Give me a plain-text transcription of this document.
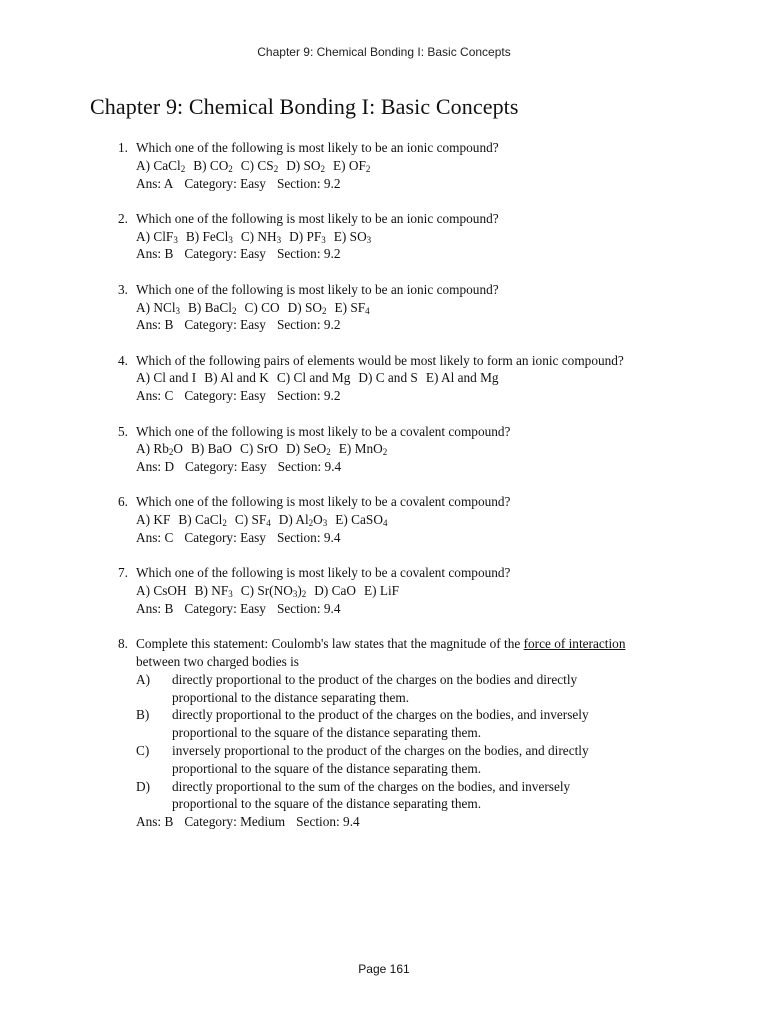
Chapter 9: Chemical Bonding I: Basic Concepts
Chapter 9: Chemical Bonding I: Basic Concepts
1. Which one of the following is most likely to be an ionic compound?
A) CaCl$_2$ B) $CO_2$ C) $CS_2$ D) $SO_2$ E) $OF_2$
Ans: A Category: Easy Section: 9.2
2. Which one of the following is most likely to be an ionic compound?
A) ClF$_3$ B) FeCl$_3$ C) $NH_3$ D) $PF_3$ E) $SO_3$
Ans: B Category: Easy Section: 9.2
3. Which one of the following is most likely to be an ionic compound?
A) NCl$_3$ B) BaCl$_2$ C) CO D) $SO_2$ E) $SF_4$
Ans: B Category: Easy Section: 9.2
4. Which of the following pairs of elements would be most likely to form an ionic compound?
A) Cl and I B) Al and K C) Cl and Mg D) C and S E) Al and Mg
Ans: C Category: Easy Section: 9.2
5. Which one of the following is most likely to be a covalent compound?
A) $Rb_2O$ B) BaO C) SrO D) SeO$_2$ E) MnO$_2$
Ans: D Category: Easy Section: 9.4
6. Which one of the following is most likely to be a covalent compound?
A) KF B) CaCl$_2$ C) $SF_4$ D) $Al_2O_3$ E) CaSO$_4$
Ans: C Category: Easy Section: 9.4
7. Which one of the following is most likely to be a covalent compound?
A) CsOH B) $NF_3$ C) $Sr(NO_3)_2$ D) CaO E) LiF
Ans: B Category: Easy Section: 9.4
8. Complete this statement: Coulomb's law states that the magnitude of the force of interaction between two charged bodies is
A) directly proportional to the product of the charges on the bodies and directly proportional to the distance separating them.
B) directly proportional to the product of the charges on the bodies, and inversely proportional to the square of the distance separating them.
C) inversely proportional to the product of the charges on the bodies, and directly proportional to the square of the distance separating them.
D) directly proportional to the sum of the charges on the bodies, and inversely proportional to the square of the distance separating them.
Ans: B Category: Medium Section: 9.4
Page 161
